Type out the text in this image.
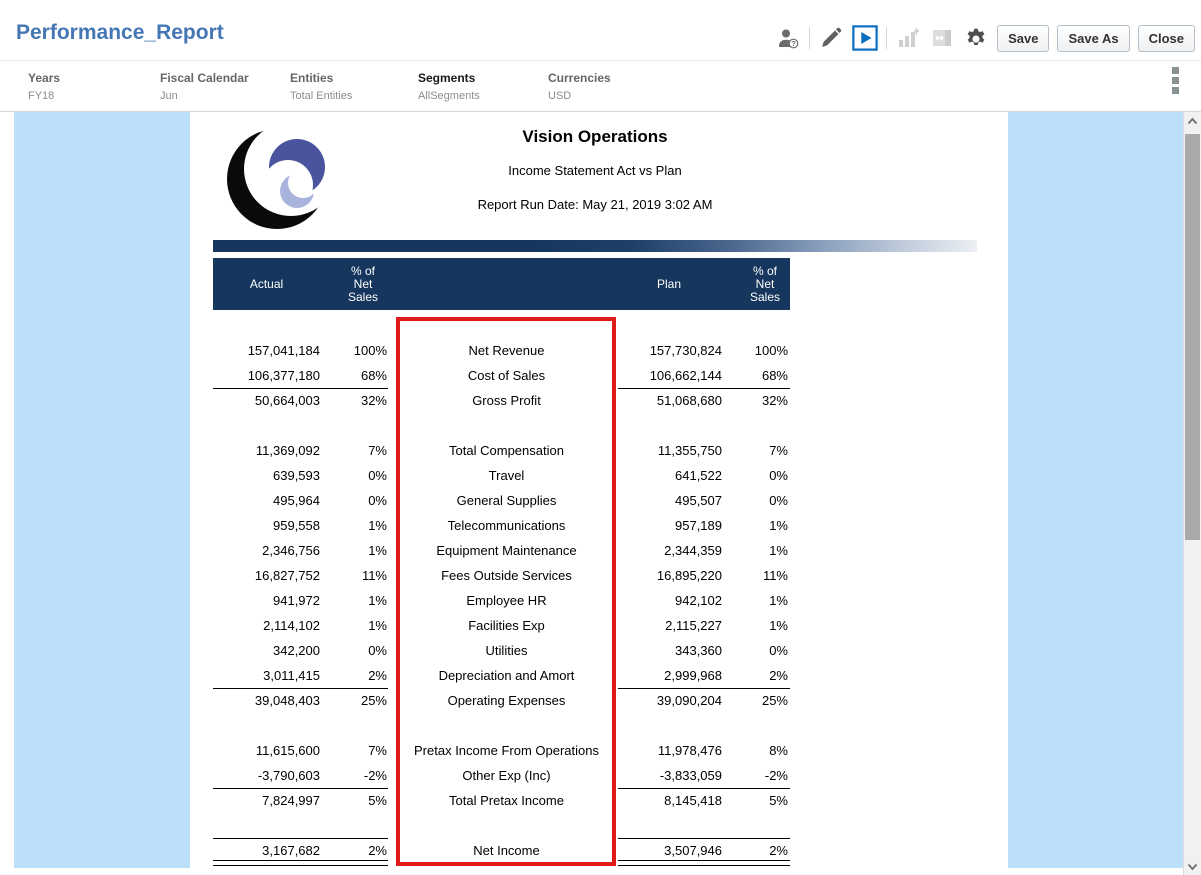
Performance_Report	?	Save	Save As	Close
Years
FY18
Fiscal Calendar
Jun
Entities
Total Entities
Segments
AllSegments
Currencies
USD
Vision Operations
Income Statement Act vs Plan
Report Run Date: May 21, 2019 3:02 AM
Actual
% of Net Sales
Plan
% of Net Sales
157,041,184	100%	Net Revenue	157,730,824	100%
106,377,180	68%	Cost of Sales	106,662,144	68%
50,664,003	32%	Gross Profit	51,068,680	32%
11,369,092	7%	Total Compensation	11,355,750	7%
639,593	0%	Travel	641,522	0%
495,964	0%	General Supplies	495,507	0%
959,558	1%	Telecommunications	957,189	1%
2,346,756	1%	Equipment Maintenance	2,344,359	1%
16,827,752	11%	Fees Outside Services	16,895,220	11%
941,972	1%	Employee HR	942,102	1%
2,114,102	1%	Facilities Exp	2,115,227	1%
342,200	0%	Utilities	343,360	0%
3,011,415	2%	Depreciation and Amort	2,999,968	2%
39,048,403	25%	Operating Expenses	39,090,204	25%
11,615,600	7%	Pretax Income From Operations	11,978,476	8%
-3,790,603	-2%	Other Exp (Inc)	-3,833,059	-2%
7,824,997	5%	Total Pretax Income	8,145,418	5%
3,167,682	2%	Net Income	3,507,946	2%
